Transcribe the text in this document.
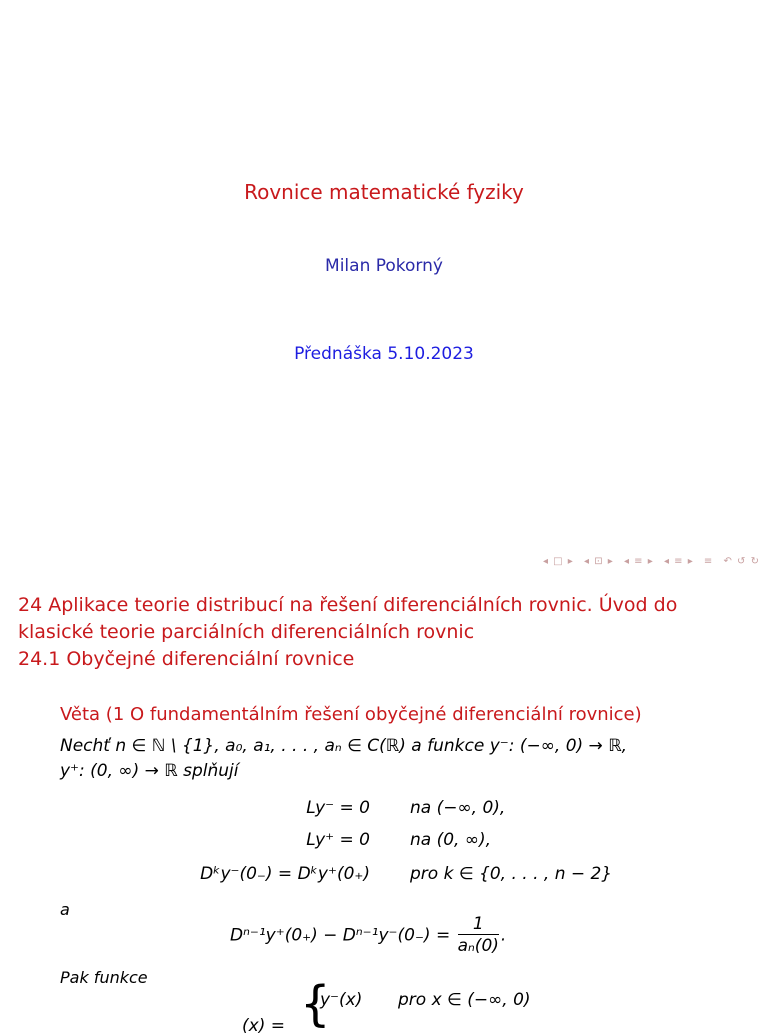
Rovnice matematické fyziky
Milan Pokorný
Přednáška 5.10.2023
◂ □ ▸ ◂ ⊡ ▸ ◂ ≡ ▸ ◂ ≡ ▸ ≡ ↶ ↺ ↻
24 Aplikace teorie distribucí na řešení diferenciálních rovnic. Úvod do
klasické teorie parciálních diferenciálních rovnic
24.1 Obyčejné diferenciální rovnice
Věta (1 O fundamentálním řešení obyčejné diferenciální rovnice)
Nechť n ∈ ℕ \ {1}, a₀, a₁, . . . , aₙ ∈ C(ℝ) a funkce y⁻: (−∞, 0) → ℝ,
y⁺: (0, ∞) → ℝ splňují
Ly⁻ = 0 na (−∞, 0),
Ly⁺ = 0 na (0, ∞),
Dᵏy⁻(0₋) = Dᵏy⁺(0₊) pro k ∈ {0, . . . , n − 2}
a
$D^{n-1}y^+(0_+) - D^{n-1}y^-(0_-) = \frac{1}{\text{aₙ(0)}}$ .
Pak funkce
(x) = {
y⁻(x) pro x ∈ (−∞, 0)
